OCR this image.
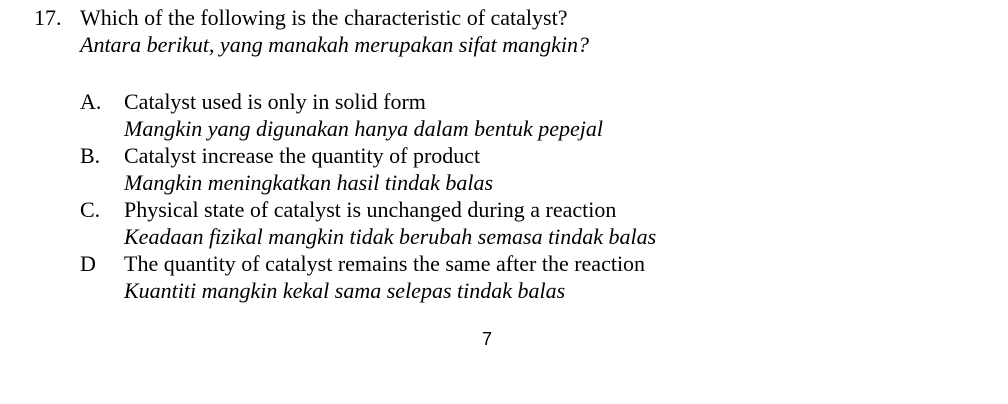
17. Which of the following is the characteristic of catalyst?
Antara berikut, yang manakah merupakan sifat mangkin?
A. Catalyst used is only in solid form
Mangkin yang digunakan hanya dalam bentuk pepejal
B. Catalyst increase the quantity of product
Mangkin meningkatkan hasil tindak balas
C. Physical state of catalyst is unchanged during a reaction
Keadaan fizikal mangkin tidak berubah semasa tindak balas
D The quantity of catalyst remains the same after the reaction
Kuantiti mangkin kekal sama selepas tindak balas
7
